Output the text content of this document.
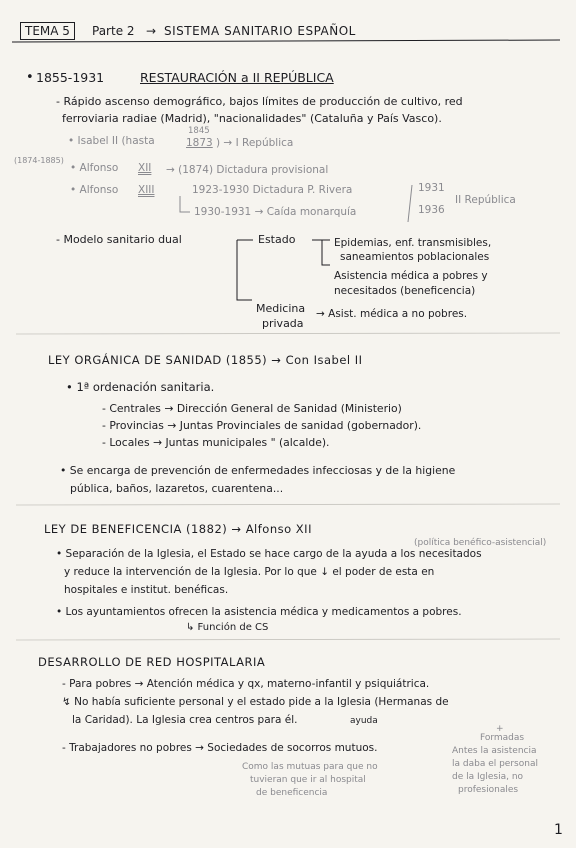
TEMA 5	Parte 2 → SISTEMA SANITARIO ESPAÑOL
• 1855-1931	RESTAURACIÓN a II REPÚBLICA
- Rápido ascenso demográfico, bajos límites de producción de cultivo, red
ferroviaria radiae (Madrid), "nacionalidades" (Cataluña y País Vasco).
• Isabel II (hasta
1845
1873 ) → I República
(1874-1885)
• Alfonso XII → (1874) Dictadura provisional
• Alfonso XIII	1923-1930 Dictadura P. Rivera
1930-1931 → Caída monarquía
1931
1936
II República
- Modelo sanitario dual	Estado	Epidemias, enf. transmisibles,
saneamientos poblacionales
Asistencia médica a pobres y
necesitados (beneficencia)
Medicina
privada
→ Asist. médica a no pobres.
LEY ORGÁNICA DE SANIDAD (1855) → Con Isabel II
• 1ª ordenación sanitaria.
- Centrales → Dirección General de Sanidad (Ministerio)
- Provincias → Juntas Provinciales de sanidad (gobernador).
- Locales → Juntas municipales " (alcalde).
• Se encarga de prevención de enfermedades infecciosas y de la higiene
pública, baños, lazaretos, cuarentena...
LEY DE BENEFICENCIA (1882) → Alfonso XII
(política benéfico-asistencial)
• Separación de la Iglesia, el Estado se hace cargo de la ayuda a los necesitados
y reduce la intervención de la Iglesia. Por lo que ↓ el poder de esta en
hospitales e institut. benéficas.
• Los ayuntamientos ofrecen la asistencia médica y medicamentos a pobres.
↳ Función de CS
DESARROLLO DE RED HOSPITALARIA
- Para pobres → Atención médica y qx, materno-infantil y psiquiátrica.
↯ No había suficiente personal y el estado pide a la Iglesia (Hermanas de
la Caridad). La Iglesia crea centros para él.	ayuda
- Trabajadores no pobres → Sociedades de socorros mutuos.
Como las mutuas para que no
tuvieran que ir al hospital
de beneficencia
+
Formadas
Antes la asistencia
la daba el personal
de la Iglesia, no
profesionales
1
